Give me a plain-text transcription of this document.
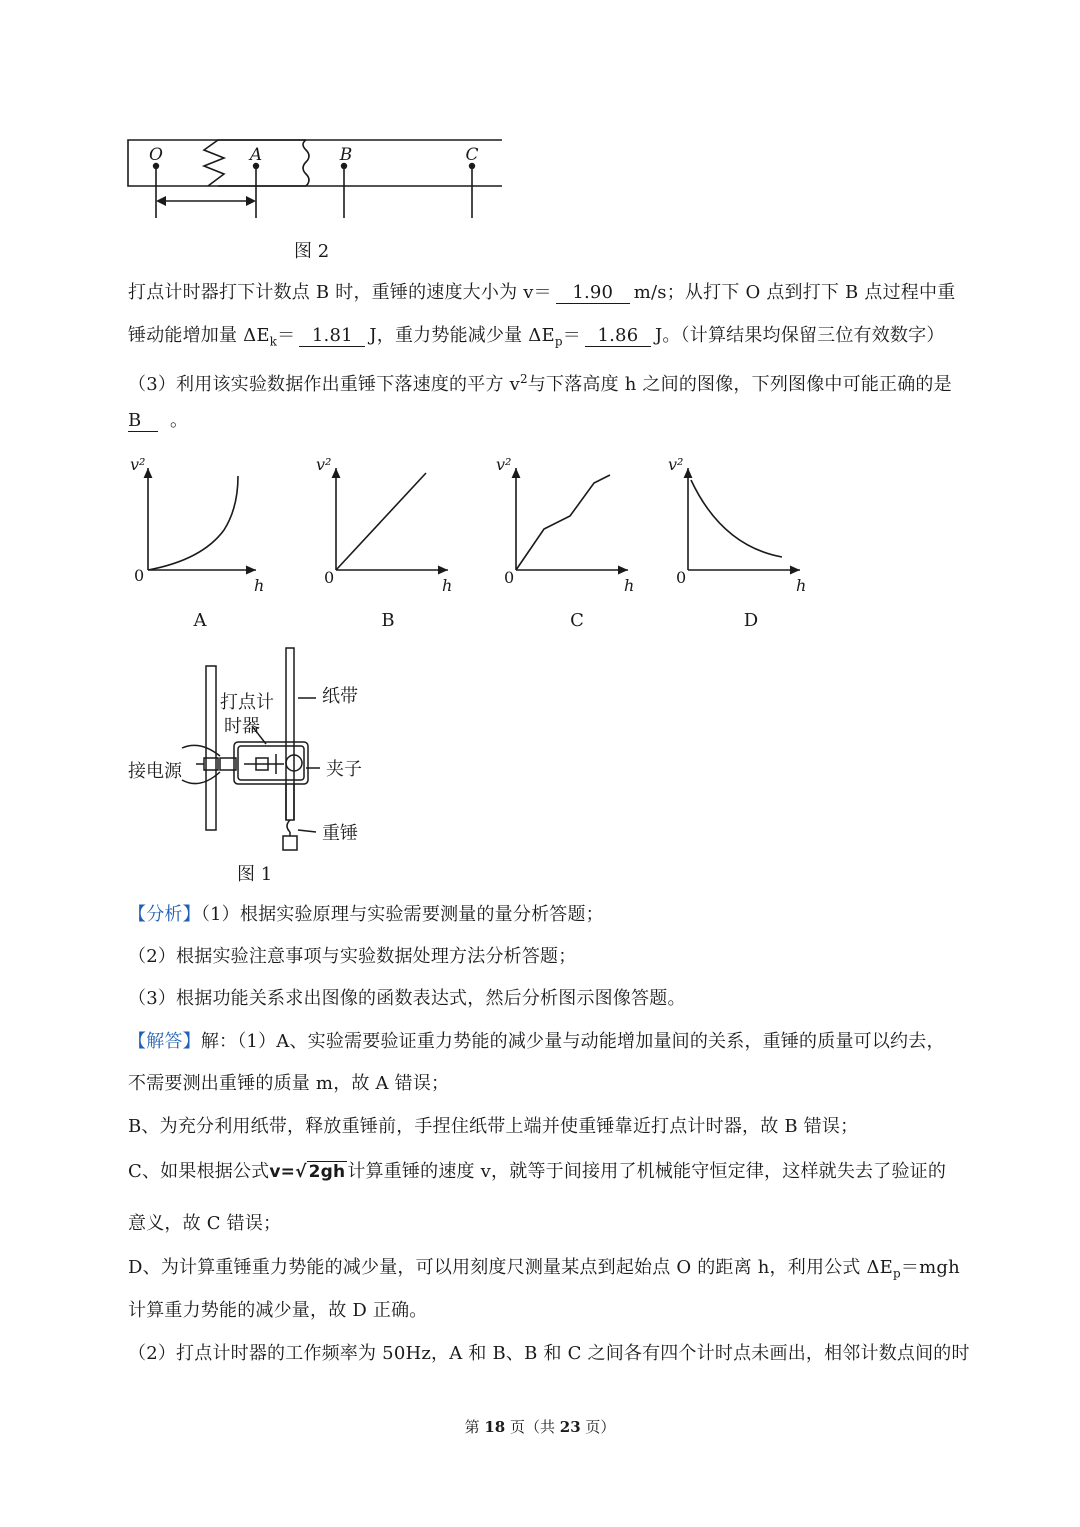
O	A	B	C
图 2
打点计时器打下计数点 B 时，重锤的速度大小为 v＝ 1.90 m/s；从打下 O 点到打下 B 点过程中重
锤动能增加量 $\Delta E_k= 1.81$ J，重力势能减少量 $\Delta E_p= 1.86$ J。（计算结果均保留三位有效数字）
（3）利用该实验数据作出重锤下落速度的平方 $v^2$与下落高度 h 之间的图像，下列图像中可能正确的是
B 。
v²
h
0
A
v²
h
0
B
v²
h
0
C
v²
h
0
D
打点计
时器
纸带
接电源	夹子
重锤
图 1
【分析】（1）根据实验原理与实验需要测量的量分析答题；
（2）根据实验注意事项与实验数据处理方法分析答题；
（3）根据功能关系求出图像的函数表达式，然后分析图示图像答题。
【解答】解：（1）A、实验需要验证重力势能的减少量与动能增加量间的关系，重锤的质量可以约去，
不需要测出重锤的质量 m，故 A 错误；
B、为充分利用纸带，释放重锤前，手捏住纸带上端并使重锤靠近打点计时器，故 B 错误；
C、如果根据公式v=√ 2gh 计算重锤的速度 v，就等于间接用了机械能守恒定律，这样就失去了验证的
意义，故 C 错误；
D、为计算重锤重力势能的减少量，可以用刻度尺测量某点到起始点 O 的距离 h，利用公式 $\Delta E_p=mgh$
计算重力势能的减少量，故 D 正确。
（2）打点计时器的工作频率为 50Hz，A 和 B、B 和 C 之间各有四个计时点未画出，相邻计数点间的时
第 18 页（共 23 页）
